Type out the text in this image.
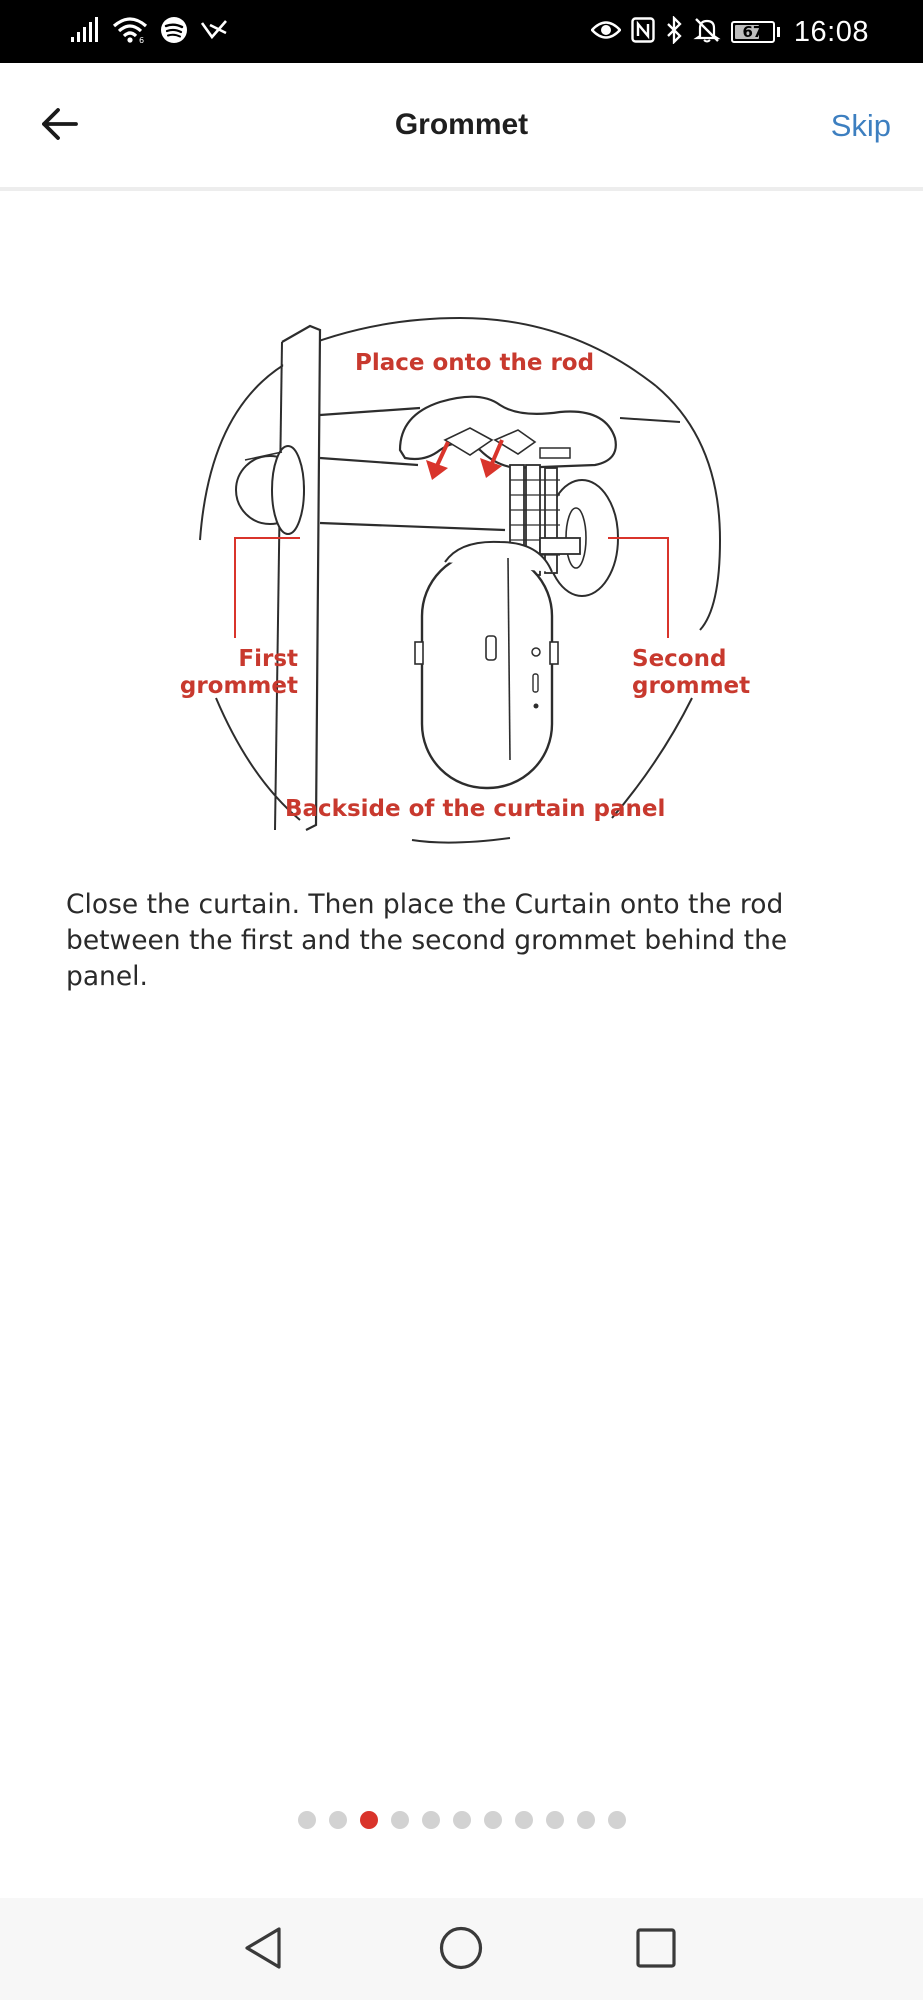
6	67 16:08
Grommet	Skip
Place onto the rod
First grommet
Second grommet
Backside of the curtain panel

Close the curtain. Then place the Curtain onto the rod between the first and the second grommet behind the panel.
